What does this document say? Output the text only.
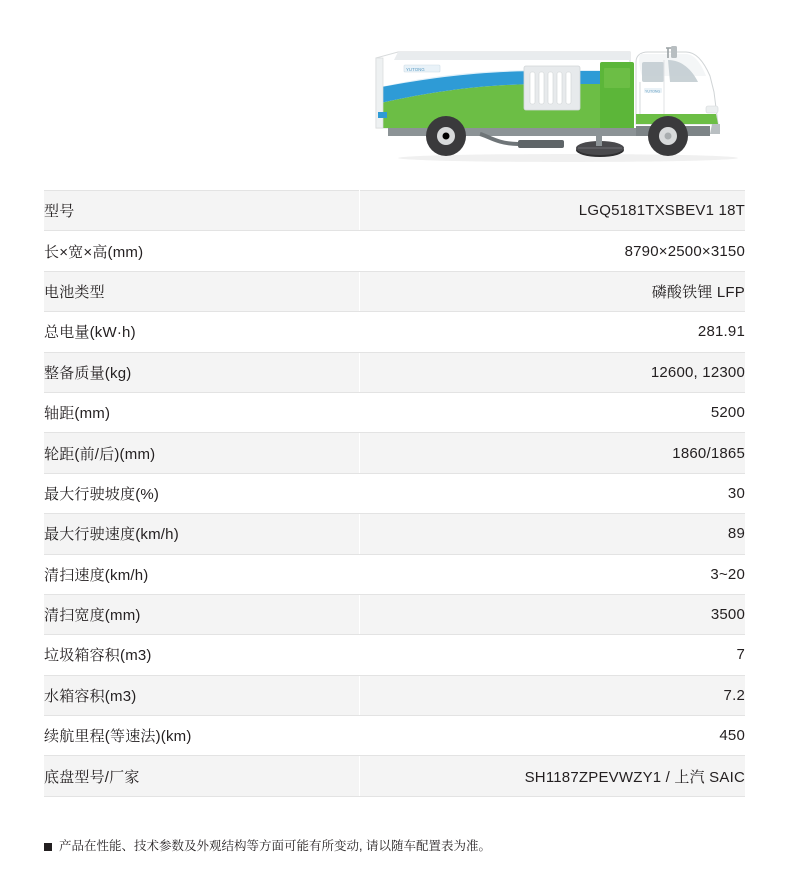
YUTONG
YUTONG
型号	LGQ5181TXSBEV1 18T
长×宽×高(mm)	8790×2500×3150
电池类型	磷酸铁锂 LFP
总电量(kW·h)	281.91
整备质量(kg)	12600, 12300
轴距(mm)	5200
轮距(前/后)(mm)	1860/1865
最大行驶坡度(%)	30
最大行驶速度(km/h)	89
清扫速度(km/h)	3~20
清扫宽度(mm)	3500
垃圾箱容积(m3)	7
水箱容积(m3)	7.2
续航里程(等速法)(km)	450
底盘型号/厂家	SH1187ZPEVWZY1 / 上汽 SAIC
产品在性能、技术参数及外观结构等方面可能有所变动, 请以随车配置表为准。
